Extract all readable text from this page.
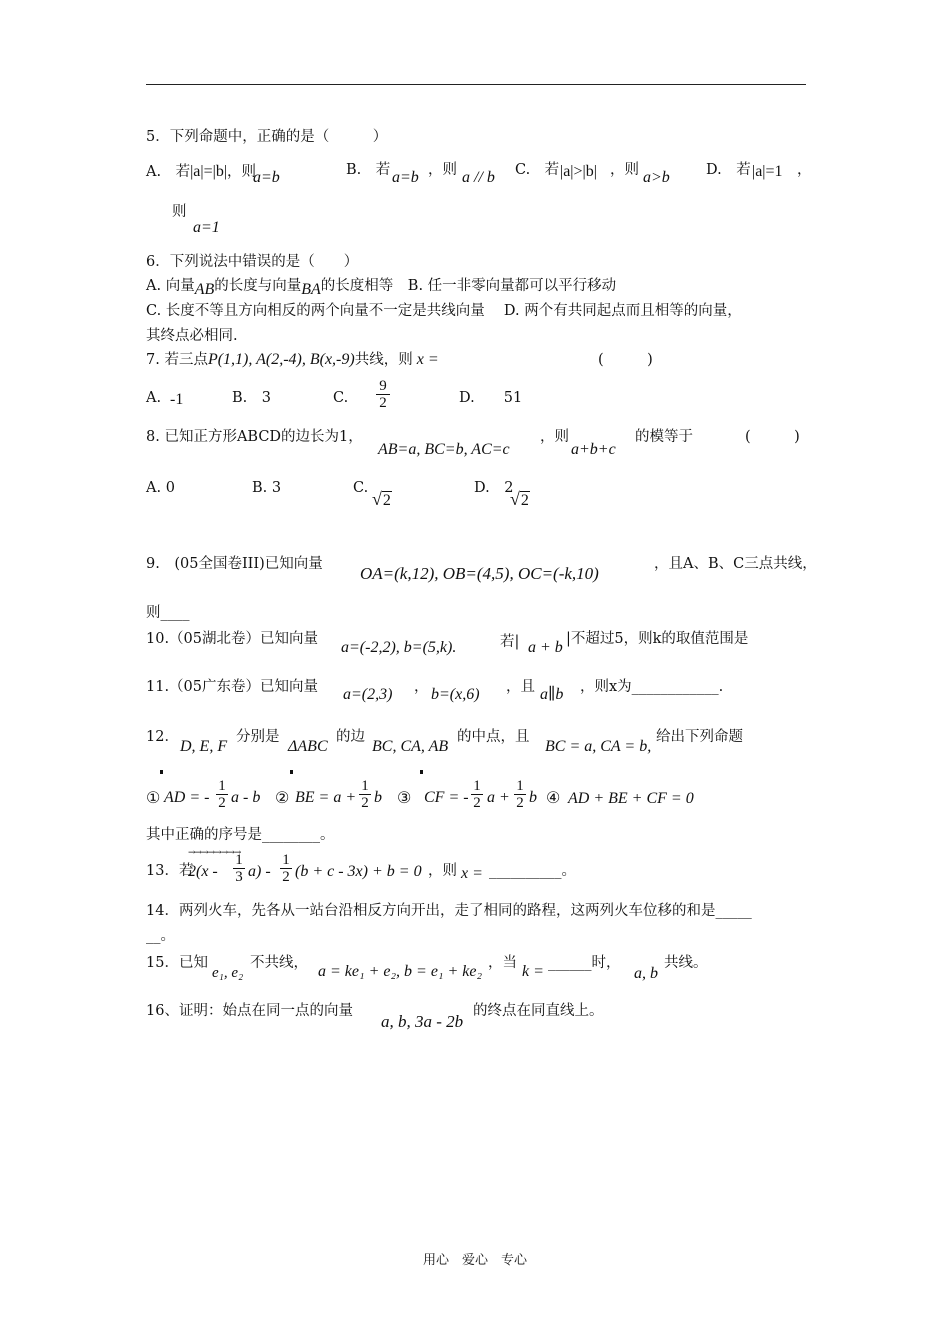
5．下列命题中，正确的是（　　　）
A.　若|a|=|b|，则
a=b	B.　若 a=b ，则 a // b C.　若 |a|>|b| ，则 a>b D.　若 |a|=1 ，
则
a=1
6．下列说法中错误的是（　　）
A. 向量AB的长度与向量BA的长度相等　B. 任一非零向量都可以平行移动
C. 长度不等且方向相反的两个向量不一定是共线向量　 D. 两个有共同起点而且相等的向量，
其终点必相同.
7. 若三点P(1,1), A(2,-4), B(x,-9)共线，则 x =	(　　　)
A. -1	B.　3	C.
9
2	D.　　51
8. 已知正方形ABCD的边长为1，
AB=a, BC=b, AC=c
，则
a+b+c
的模等于	(　　　)
A. 0	B. 3	C.
√2
D.　2
√2
9.　(05全国卷III)已知向量 OA=(k,12), OB=(4,5), OC=(-k,10)	，且A、B、C三点共线，
则____
10.（05湖北卷）已知向量 a=(-2,2), b=(5,k).	若| a + b |不超过5，则k的取值范围是
11.（05广东卷）已知向量 a=(2,3) ， b=(x,6) ，且 a∥b ，则x为____________.
12．
D, E, F
分别是
ΔABC
的边
BC, CA, AB
的中点，且
BC = a, CA = b,
给出下列命题
① AD = -
1
2 a - b ② BE = a +
1
2 b ③ CF = -
1
2 a +
1
2 b ④ AD + BE + CF = 0
其中正确的序号是________。
→→→→→→→→
13．若
2(x -
1
3 a) -
1
2 (b + c - 3x) + b = 0 ，则 x = __________。
14．两列火车，先各从一站台沿相反方向开出，走了相同的路程，这两列火车位移的和是_____
__。
15．已知
e₁, e₂
不共线， a = ke₁ + e₂, b = e₁ + ke₂ ，当 k = ______时，
a, b
共线。
16、证明：始点在同一点的向量
a, b, 3a - 2b
的终点在同直线上。
用心　爱心　专心
